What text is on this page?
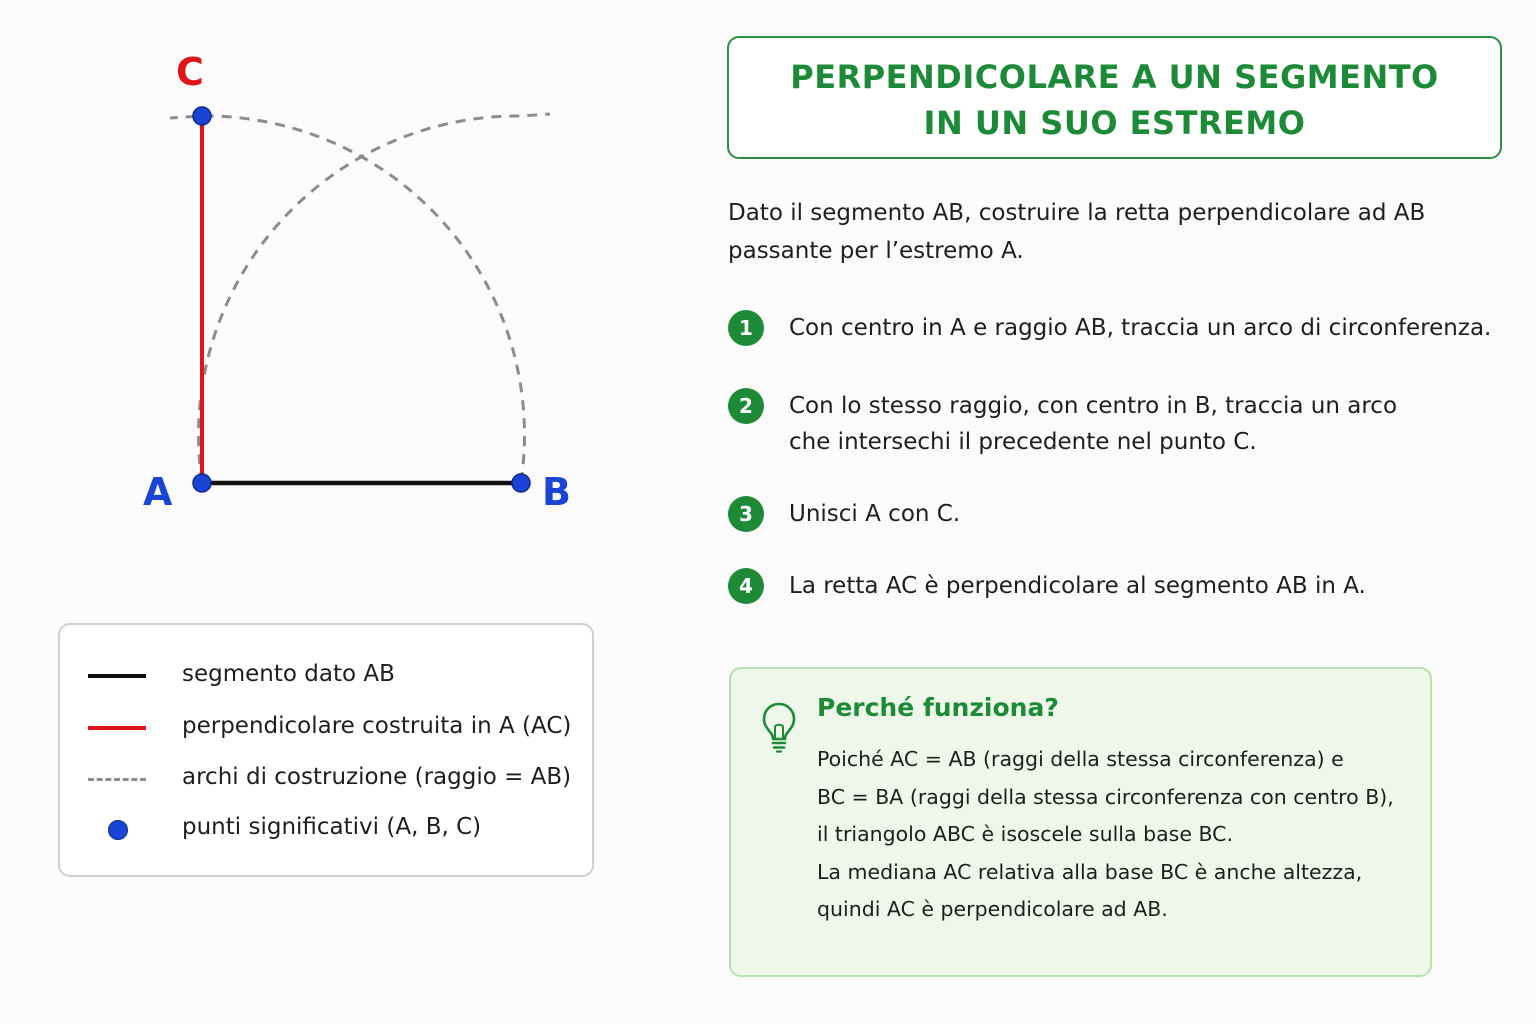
A	B
C
segmento dato AB
perpendicolare costruita in A (AC)
archi di costruzione (raggio = AB)
punti significativi (A, B, C)
PERPENDICOLARE A UN SEGMENTO
IN UN SUO ESTREMO
Dato il segmento AB, costruire la retta perpendicolare ad AB
passante per l’estremo A.
1	Con centro in A e raggio AB, traccia un arco di circonferenza.
2	Con lo stesso raggio, con centro in B, traccia un arco
che intersechi il precedente nel punto C.
3	Unisci A con C.
4	La retta AC è perpendicolare al segmento AB in A.
Perché funziona?
Poiché AC = AB (raggi della stessa circonferenza) e
BC = BA (raggi della stessa circonferenza con centro B),
il triangolo ABC è isoscele sulla base BC.
La mediana AC relativa alla base BC è anche altezza,
quindi AC è perpendicolare ad AB.
